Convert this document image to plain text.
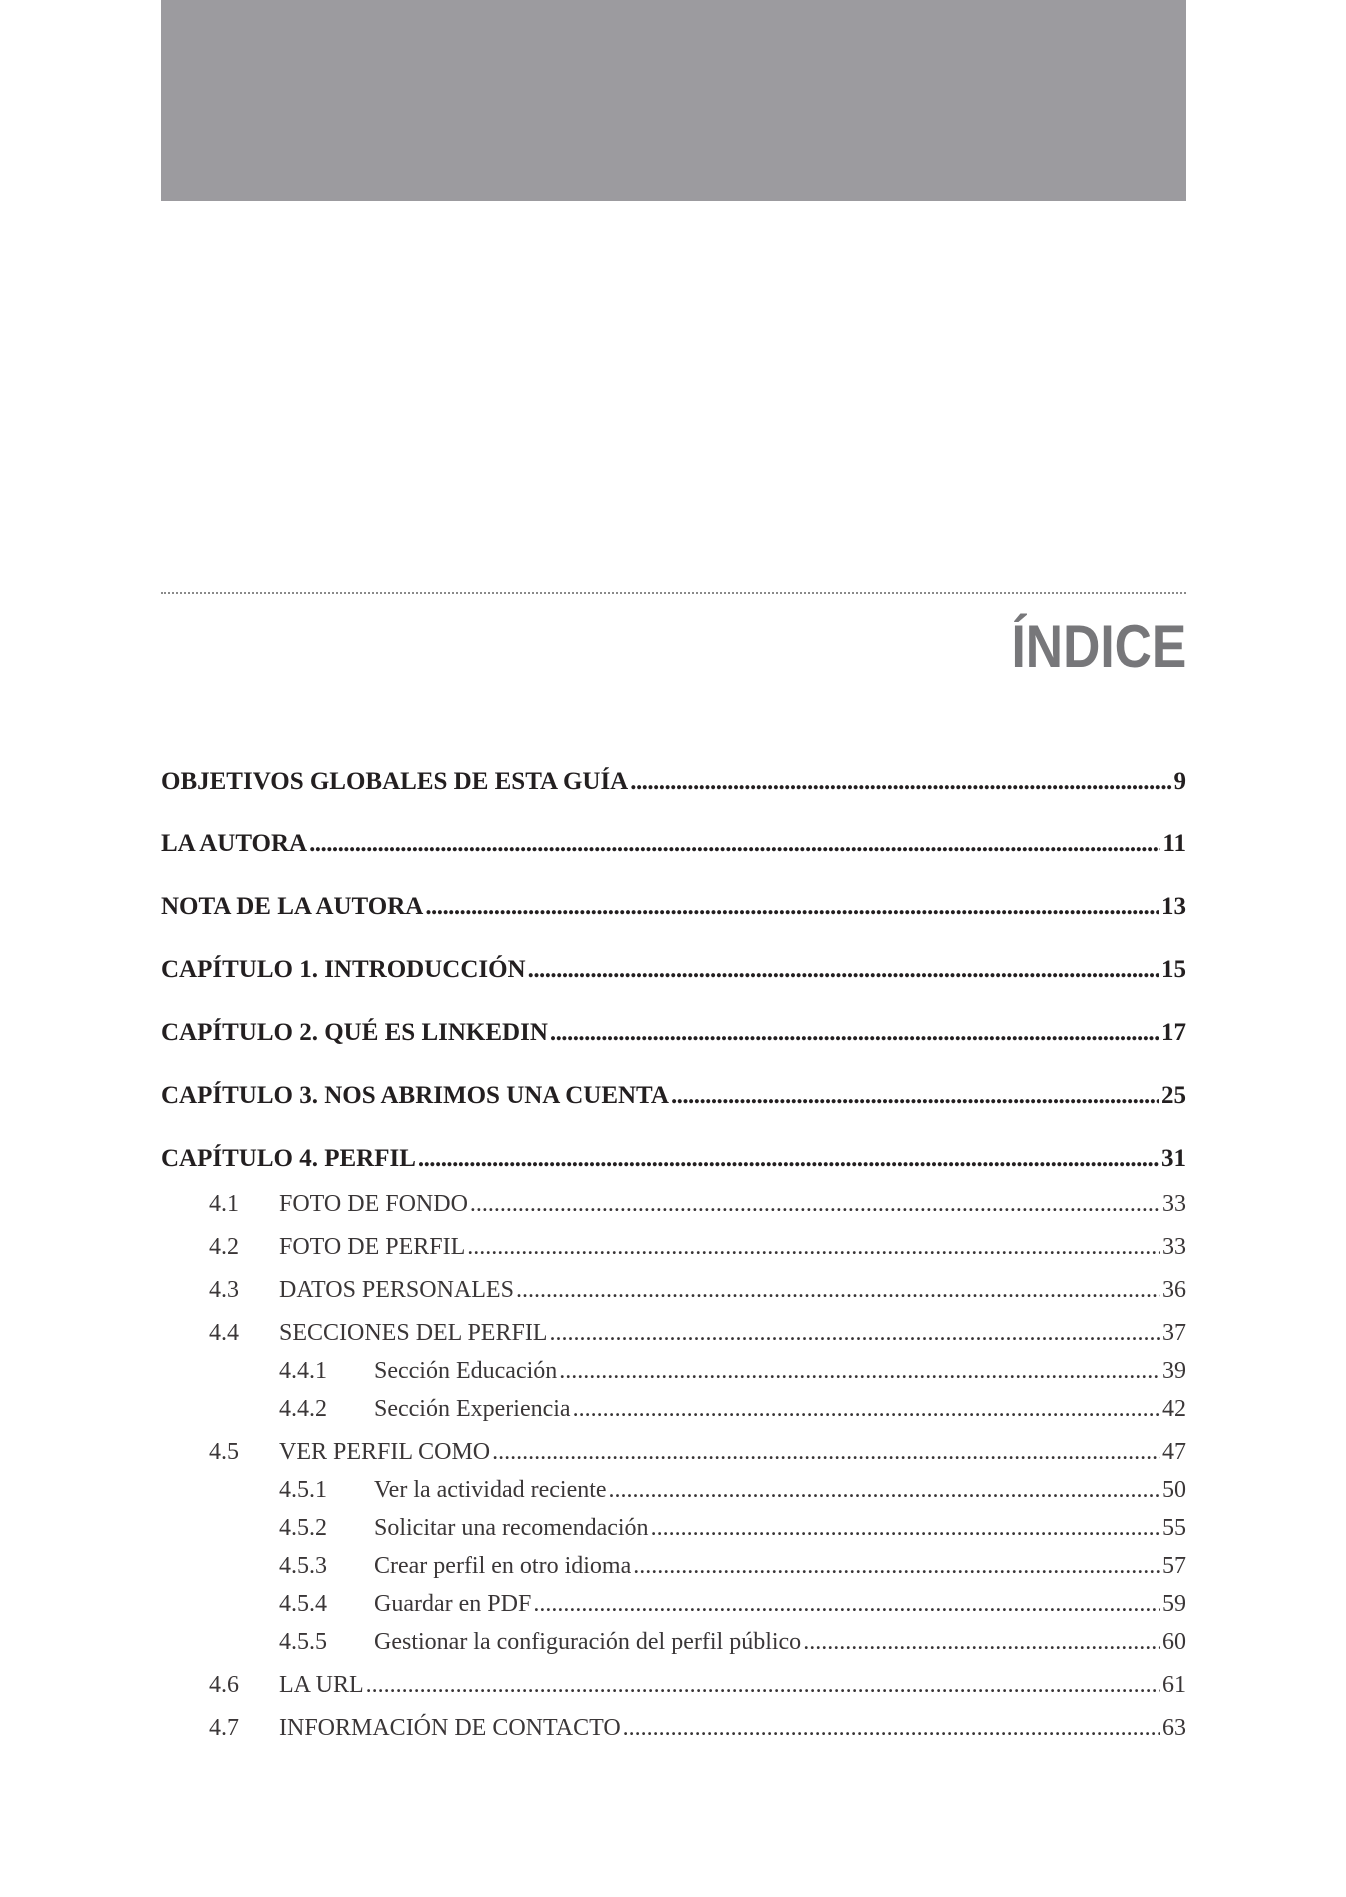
ÍNDICE
OBJETIVOS GLOBALES DE ESTA GUÍA . . .	9
LA AUTORA . . .	11
NOTA DE LA AUTORA . . .	13
CAPÍTULO 1. INTRODUCCIÓN . . .	15
CAPÍTULO 2. QUÉ ES LINKEDIN . . .	17
CAPÍTULO 3. NOS ABRIMOS UNA CUENTA . . .	25
CAPÍTULO 4. PERFIL . . .	31
4.1 FOTO DE FONDO . . .	33
4.2 FOTO DE PERFIL . . .	33
4.3 DATOS PERSONALES . . .	36
4.4 SECCIONES DEL PERFIL . . .	37
4.4.1 Sección Educación . . .	39
4.4.2 Sección Experiencia . . .	42
4.5 VER PERFIL COMO . . .	47
4.5.1 Ver la actividad reciente . . .	50
4.5.2 Solicitar una recomendación . . .	55
4.5.3 Crear perfil en otro idioma . . .	57
4.5.4 Guardar en PDF . . .	59
4.5.5 Gestionar la configuración del perfil público . . .	60
4.6 LA URL . . .	61
4.7 INFORMACIÓN DE CONTACTO . . .	63
